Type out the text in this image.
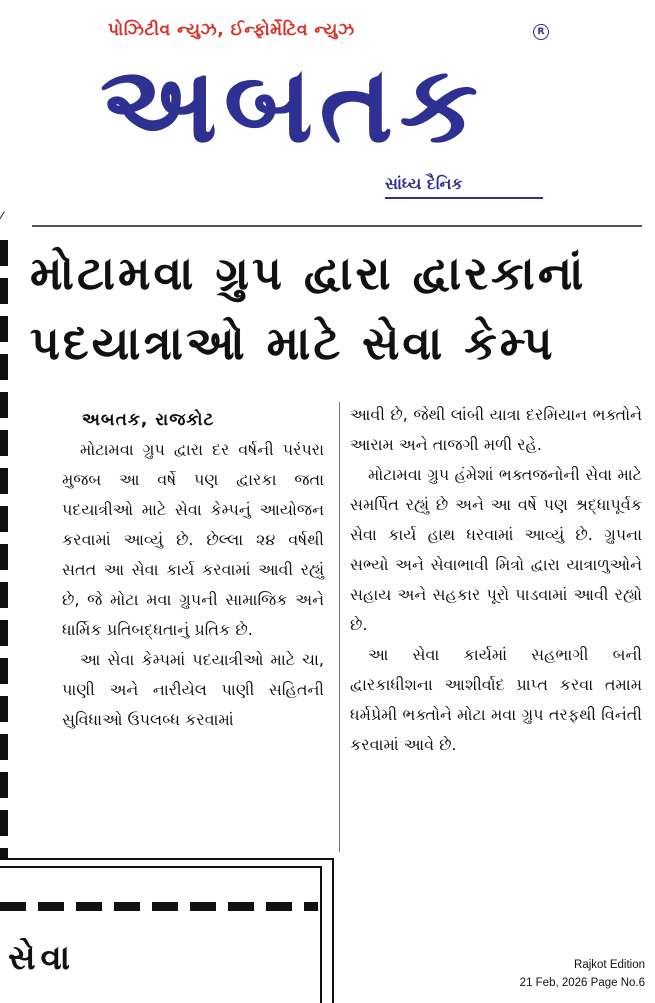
પોઝિટીવ ન્યુઝ, ઈન્ફોર્મેટિવ ન્યુઝ	R
અબતક
સાંધ્ય દૈનિક
⁄
મોટામવા ગ્રુપ દ્વારા દ્વારકાનાં
પદયાત્રાઓ માટે સેવા કેમ્પ
અબતક, રાજકોટ

મોટામવા ગ્રુપ દ્વારા દર વર્ષની પરંપરા મુજબ આ વર્ષે પણ દ્વારકા જતા પદયાત્રીઓ માટે સેવા કેમ્પનું આયોજન કરવામાં આવ્યું છે. છેલ્લા ૨૪ વર્ષથી સતત આ સેવા કાર્ય કરવામાં આવી રહ્યું છે, જે મોટા મવા ગ્રુપની સામાજિક અને ધાર્મિક પ્રતિબદ્ધતાનું પ્રતિક છે.

આ સેવા કેમ્પમાં પદયાત્રીઓ માટે ચા, પાણી અને નારીયેલ પાણી સહિતની સુવિધાઓ ઉપલબ્ધ કરવામાં

આવી છે, જેથી લાંબી યાત્રા દરમિયાન ભક્તોને આરામ અને તાજગી મળી રહે.

મોટામવા ગ્રુપ હંમેશાં ભક્તજનોની સેવા માટે સમર્પિત રહ્યું છે અને આ વર્ષે પણ શ્રદ્ધાપૂર્વક સેવા કાર્ય હાથ ધરવામાં આવ્યું છે. ગ્રુપના સભ્યો અને સેવાભાવી મિત્રો દ્વારા યાત્રાળુઓને સહાય અને સહકાર પૂરો પાડવામાં આવી રહ્યો છે.

આ સેવા કાર્યમાં સહભાગી બની દ્વારકાધીશના આશીર્વાદ પ્રાપ્ત કરવા તમામ ધર્મપ્રેમી ભક્તોને મોટા મવા ગ્રુપ તરફથી વિનંતી કરવામાં આવે છે.

સેવા	Rajkot Edition
21 Feb, 2026 Page No.6
